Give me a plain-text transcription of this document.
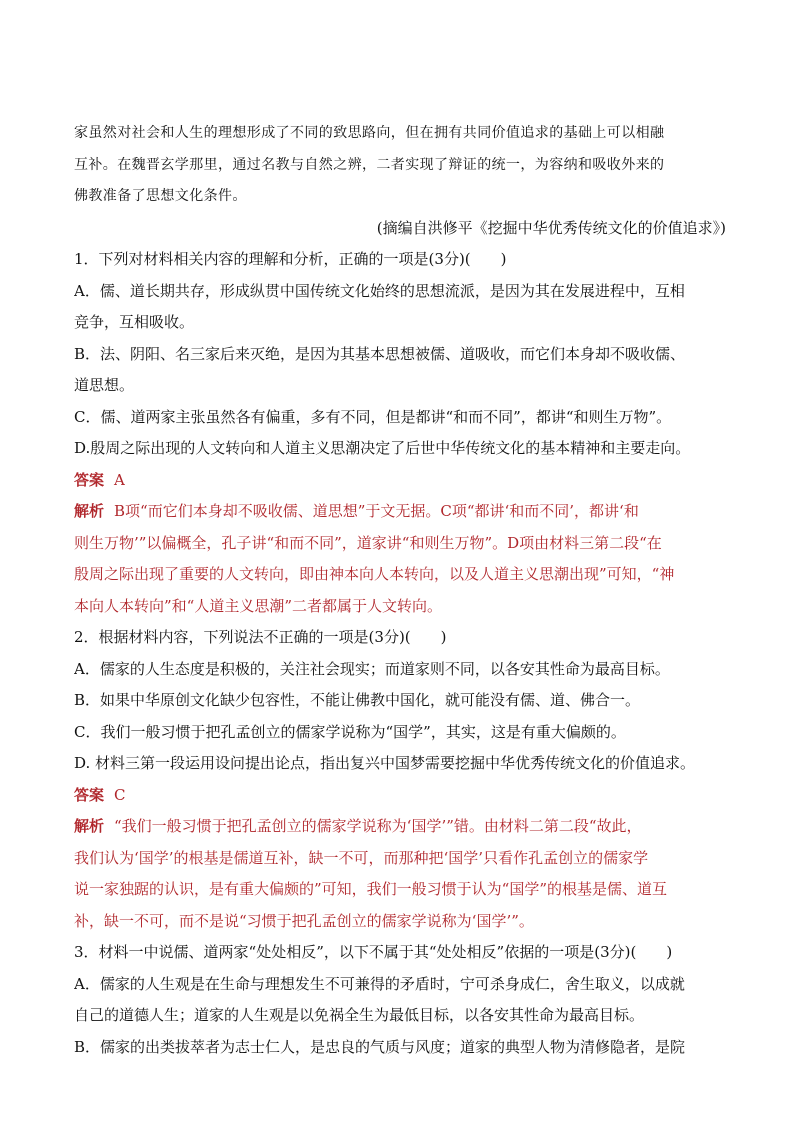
家虽然对社会和人生的理想形成了不同的致思路向，但在拥有共同价值追求的基础上可以相融
互补。在魏晋玄学那里，通过名教与自然之辨，二者实现了辩证的统一，为容纳和吸收外来的
佛教准备了思想文化条件。
(摘编自洪修平《挖掘中华优秀传统文化的价值追求》)
1．下列对材料相关内容的理解和分析，正确的一项是(3分)(　　)
A．儒、道长期共存，形成纵贯中国传统文化始终的思想流派，是因为其在发展进程中，互相
竞争，互相吸收。
B．法、阴阳、名三家后来灭绝，是因为其基本思想被儒、道吸收，而它们本身却不吸收儒、
道思想。
C．儒、道两家主张虽然各有偏重，多有不同，但是都讲“和而不同”，都讲“和则生万物”。
D.殷周之际出现的人文转向和人道主义思潮决定了后世中华传统文化的基本精神和主要走向。
答案 A
解析 B项“而它们本身却不吸收儒、道思想”于文无据。C项“都讲‘和而不同’，都讲‘和
则生万物’”以偏概全，孔子讲“和而不同”，道家讲“和则生万物”。D项由材料三第二段“在
殷周之际出现了重要的人文转向，即由神本向人本转向，以及人道主义思潮出现”可知，“神
本向人本转向”和“人道主义思潮”二者都属于人文转向。
2．根据材料内容，下列说法不正确的一项是(3分)(　　)
A．儒家的人生态度是积极的，关注社会现实；而道家则不同，以各安其性命为最高目标。
B．如果中华原创文化缺少包容性，不能让佛教中国化，就可能没有儒、道、佛合一。
C．我们一般习惯于把孔孟创立的儒家学说称为“国学”，其实，这是有重大偏颇的。
D. 材料三第一段运用设问提出论点，指出复兴中国梦需要挖掘中华优秀传统文化的价值追求。
答案 C
解析 “我们一般习惯于把孔孟创立的儒家学说称为‘国学’”错。由材料二第二段“故此，
我们认为‘国学’的根基是儒道互补，缺一不可，而那种把‘国学’只看作孔孟创立的儒家学
说一家独踞的认识，是有重大偏颇的”可知，我们一般习惯于认为“国学”的根基是儒、道互
补，缺一不可，而不是说“习惯于把孔孟创立的儒家学说称为‘国学’”。
3．材料一中说儒、道两家“处处相反”，以下不属于其“处处相反”依据的一项是(3分)(　　)
A．儒家的人生观是在生命与理想发生不可兼得的矛盾时，宁可杀身成仁，舍生取义，以成就
自己的道德人生；道家的人生观是以免祸全生为最低目标，以各安其性命为最高目标。
B．儒家的出类拔萃者为志士仁人，是忠良的气质与风度；道家的典型人物为清修隐者，是院
